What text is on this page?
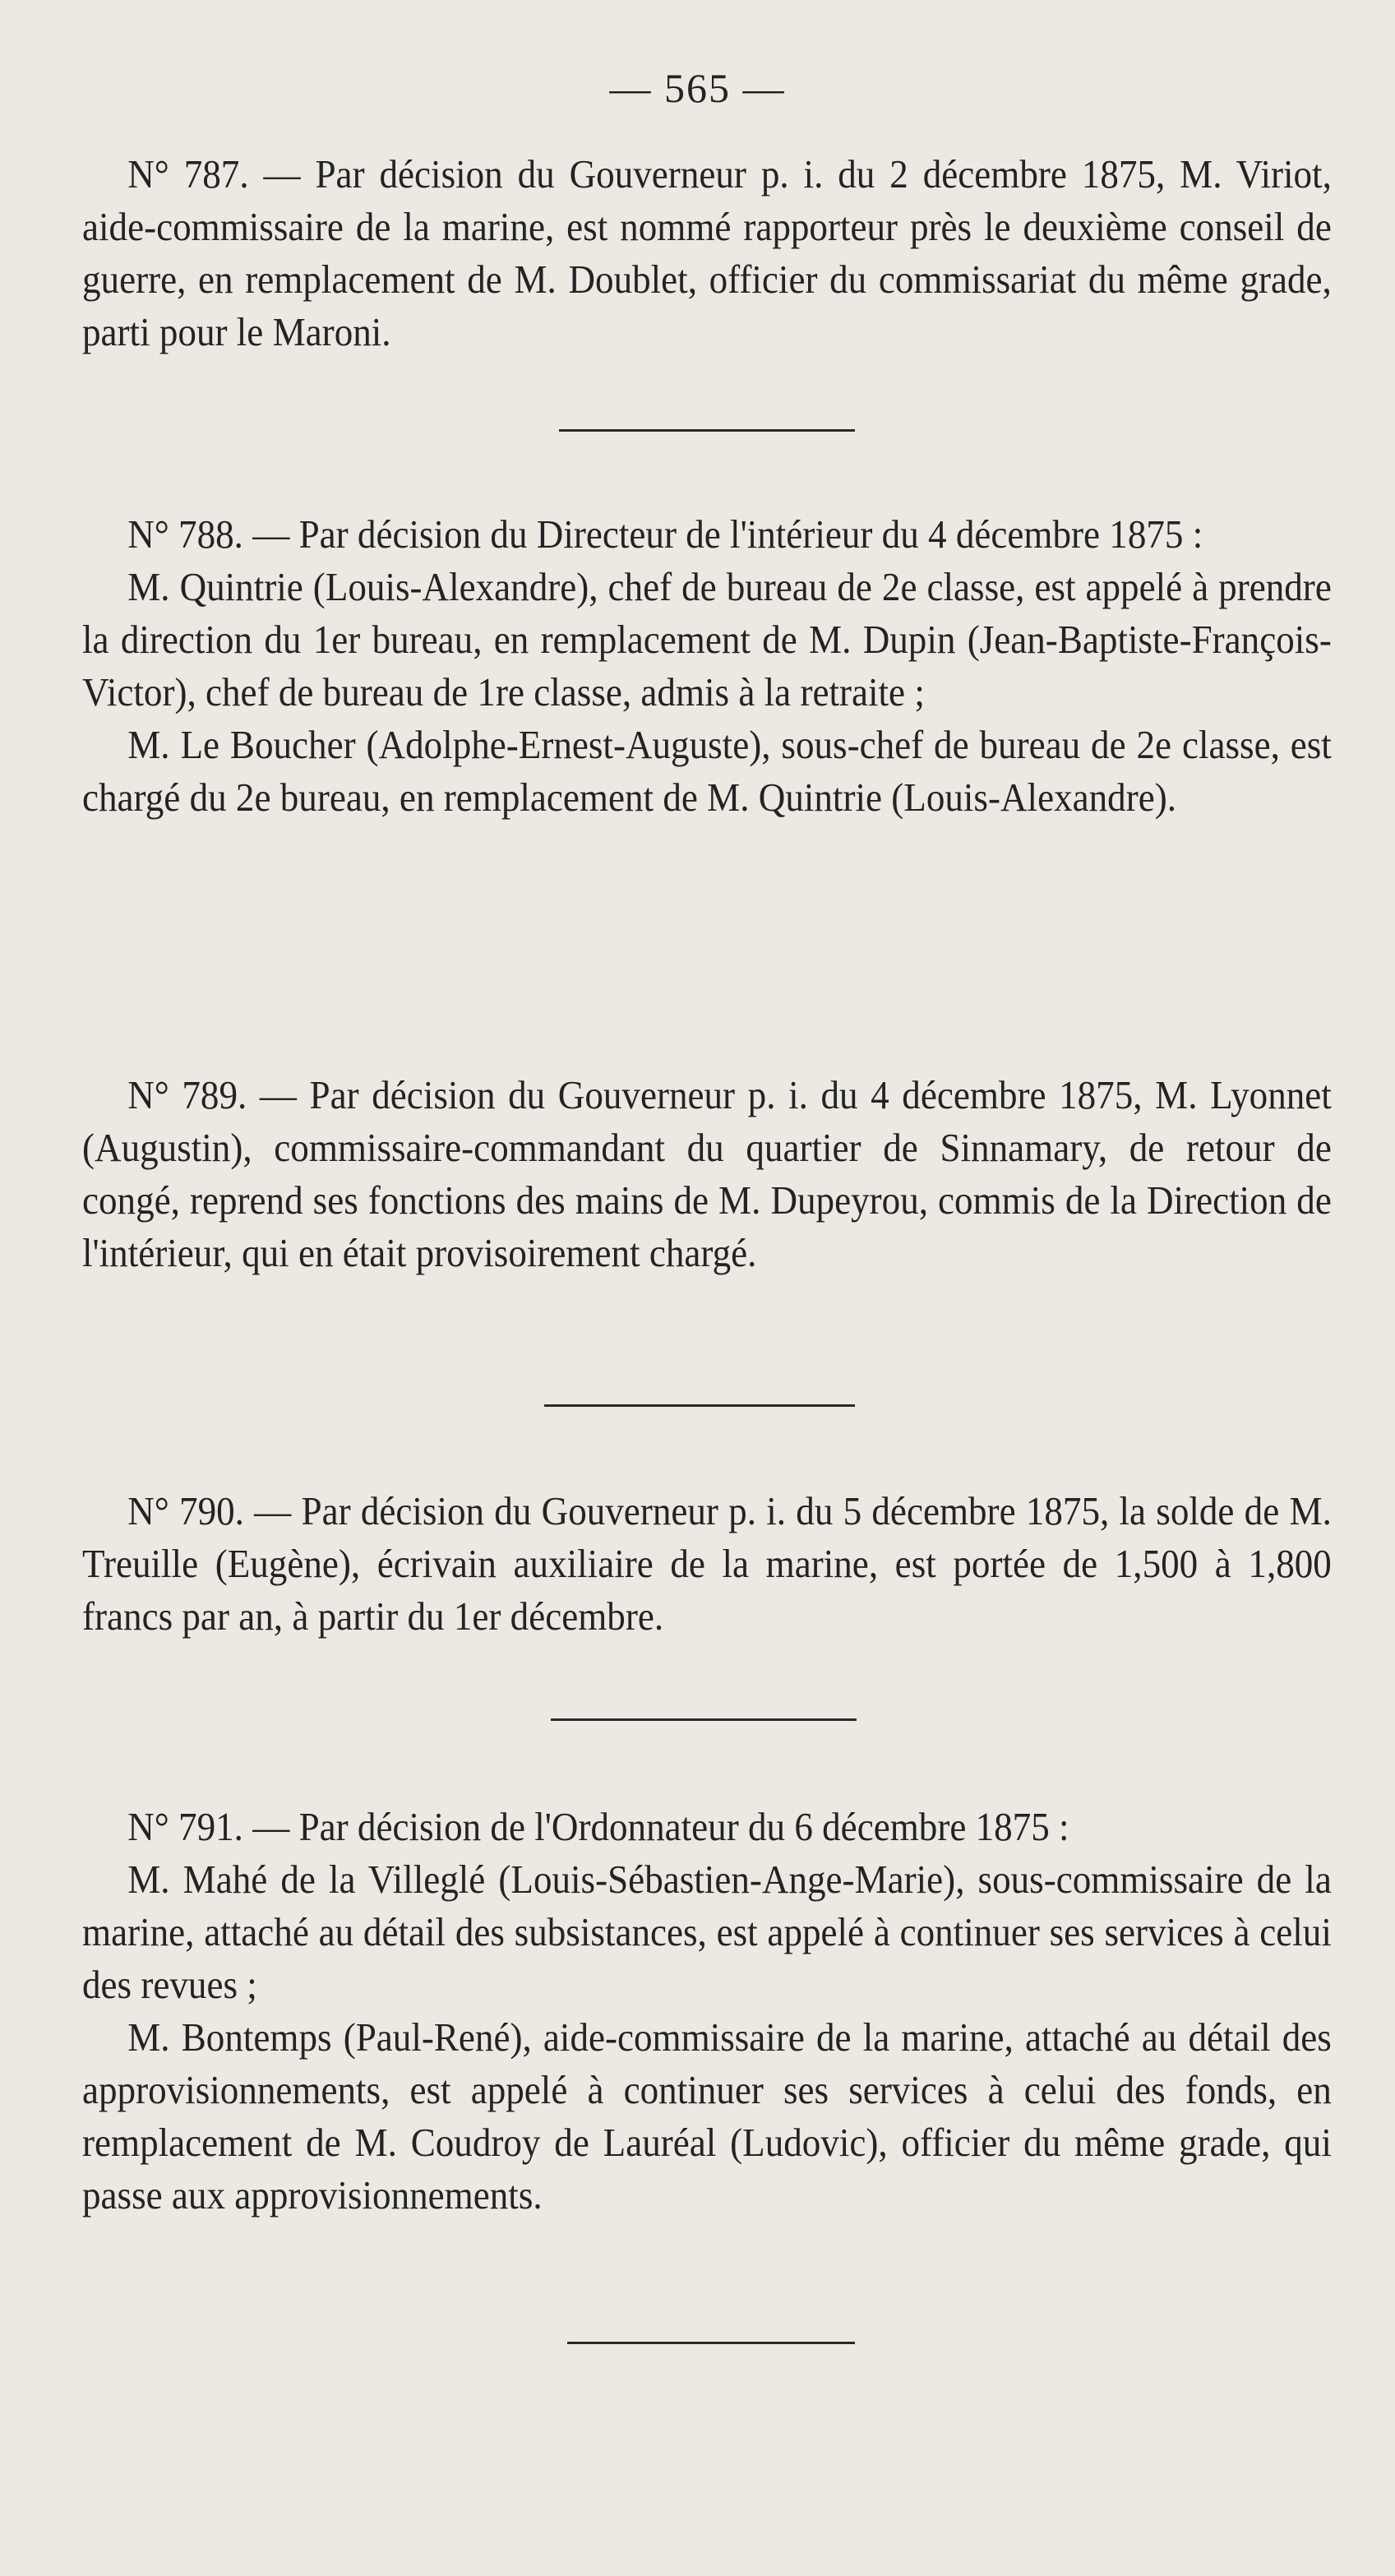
— 565 —

N° 787. — Par décision du Gouverneur p. i. du 2 décembre 1875, M. Viriot, aide-commissaire de la marine, est nommé rapporteur près le deuxième conseil de guerre, en remplacement de M. Doublet, officier du commissariat du même grade, parti pour le Maroni.

N° 788. — Par décision du Directeur de l'intérieur du 4 décembre 1875 :

M. Quintrie (Louis-Alexandre), chef de bureau de 2e classe, est appelé à prendre la direction du 1er bureau, en remplacement de M. Dupin (Jean-Baptiste-François-Victor), chef de bureau de 1re classe, admis à la retraite ;

M. Le Boucher (Adolphe-Ernest-Auguste), sous-chef de bureau de 2e classe, est chargé du 2e bureau, en remplacement de M. Quintrie (Louis-Alexandre).

N° 789. — Par décision du Gouverneur p. i. du 4 décembre 1875, M. Lyonnet (Augustin), commissaire-commandant du quartier de Sinnamary, de retour de congé, reprend ses fonctions des mains de M. Dupeyrou, commis de la Direction de l'intérieur, qui en était provisoirement chargé.

N° 790. — Par décision du Gouverneur p. i. du 5 décembre 1875, la solde de M. Treuille (Eugène), écrivain auxiliaire de la marine, est portée de 1,500 à 1,800 francs par an, à partir du 1er décembre.

N° 791. — Par décision de l'Ordonnateur du 6 décembre 1875 :

M. Mahé de la Villeglé (Louis-Sébastien-Ange-Marie), sous-commissaire de la marine, attaché au détail des subsistances, est appelé à continuer ses services à celui des revues ;

M. Bontemps (Paul-René), aide-commissaire de la marine, attaché au détail des approvisionnements, est appelé à continuer ses services à celui des fonds, en remplacement de M. Coudroy de Lauréal (Ludovic), officier du même grade, qui passe aux approvisionnements.
